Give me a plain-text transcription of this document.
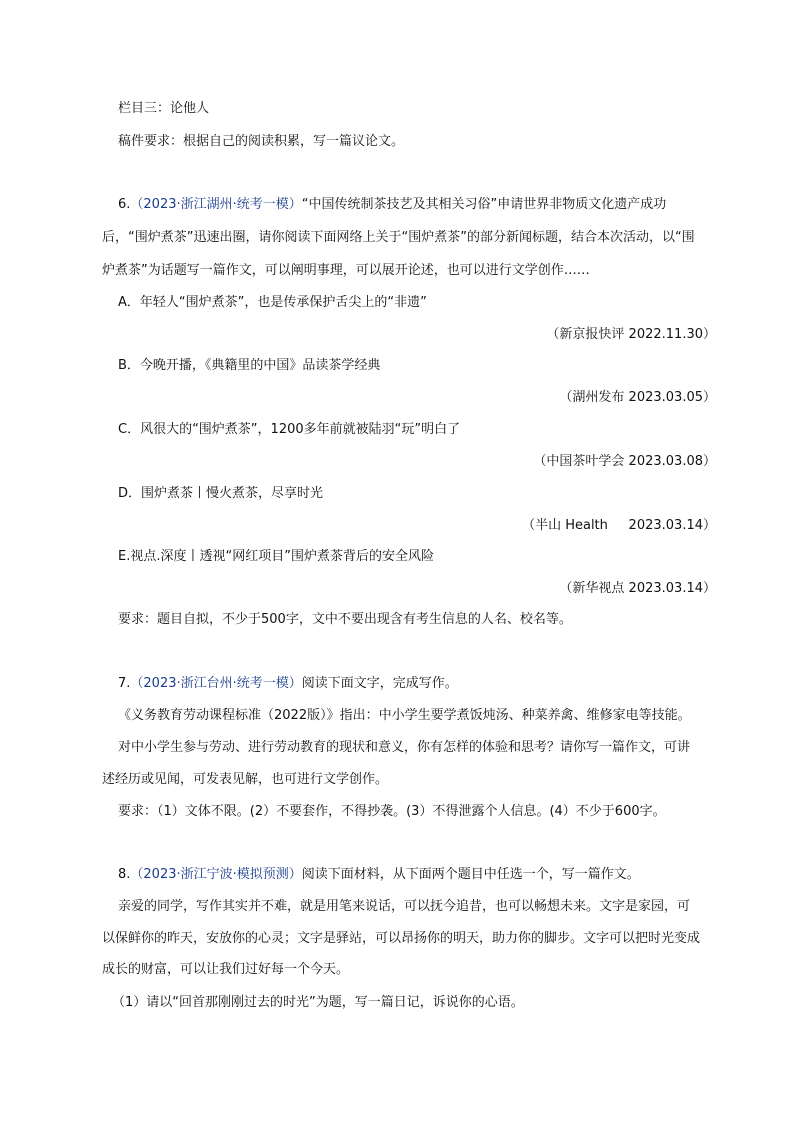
栏目三：论他人
稿件要求：根据自己的阅读积累，写一篇议论文。
6.（2023·浙江湖州·统考一模）“中国传统制茶技艺及其相关习俗”申请世界非物质文化遗产成功
后，“围炉煮茶”迅速出圈，请你阅读下面网络上关于“围炉煮茶”的部分新闻标题，结合本次活动，以“围
炉煮茶”为话题写一篇作文，可以阐明事理，可以展开论述，也可以进行文学创作……
A．年轻人“围炉煮茶”，也是传承保护舌尖上的“非遗”
（新京报快评 2022.11.30）
B．今晚开播，《典籍里的中国》品读茶学经典
（湖州发布 2023.03.05）
C．风很大的“围炉煮茶”，1200多年前就被陆羽“玩”明白了
（中国茶叶学会 2023.03.08）
D．围炉煮茶丨慢火煮茶，尽享时光
（半山 Health     2023.03.14）
E.视点.深度丨透视“网红项目”围炉煮茶背后的安全风险
（新华视点 2023.03.14）
要求：题目自拟，不少于500字，文中不要出现含有考生信息的人名、校名等。
7.（2023·浙江台州·统考一模）阅读下面文字，完成写作。
《义务教育劳动课程标准（2022版）》指出：中小学生要学煮饭炖汤、种菜养禽、维修家电等技能。
对中小学生参与劳动、进行劳动教育的现状和意义，你有怎样的体验和思考？请你写一篇作文，可讲
述经历或见闻，可发表见解，也可进行文学创作。
要求：（1）文体不限。(2）不要套作，不得抄袭。(3）不得泄露个人信息。(4）不少于600字。
8.（2023·浙江宁波·模拟预测）阅读下面材料，从下面两个题目中任选一个，写一篇作文。
亲爱的同学，写作其实并不难，就是用笔来说话，可以抚今追昔，也可以畅想未来。文字是家园，可
以保鲜你的昨天，安放你的心灵；文字是驿站，可以昂扬你的明天，助力你的脚步。文字可以把时光变成
成长的财富，可以让我们过好每一个今天。
（1）请以“回首那刚刚过去的时光”为题，写一篇日记，诉说你的心语。
